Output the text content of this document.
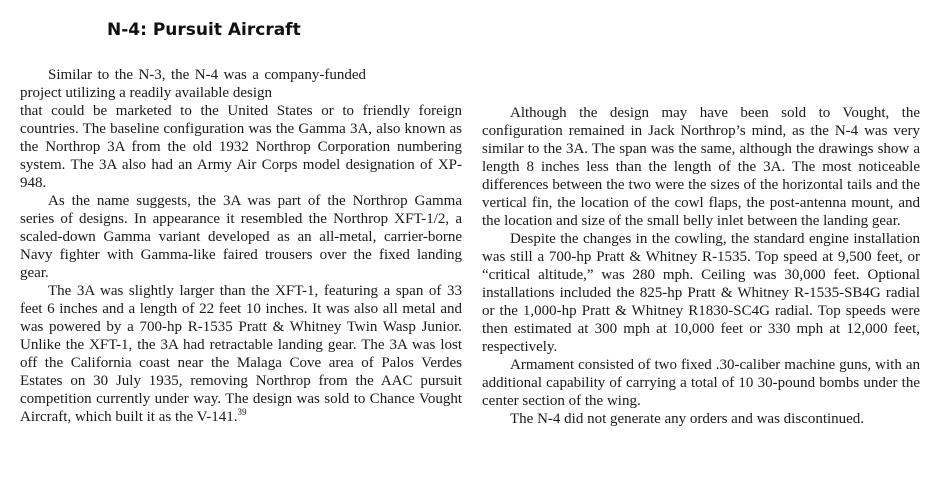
N-4: Pursuit Aircraft

Similar to the N-3, the N-4 was a company-funded project utilizing a readily available design

that could be marketed to the United States or to friendly foreign countries. The baseline configuration was the Gamma 3A, also known as the Northrop 3A from the old 1932 Northrop Corporation numbering system. The 3A also had an Army Air Corps model designation of XP-948.

As the name suggests, the 3A was part of the Northrop Gamma series of designs. In appearance it resembled the Northrop XFT-1/2, a scaled-down Gamma variant developed as an all-metal, carrier-borne Navy fighter with Gamma-like faired trousers over the fixed landing gear.

The 3A was slightly larger than the XFT-1, featuring a span of 33 feet 6 inches and a length of 22 feet 10 inches. It was also all metal and was powered by a 700-hp R-1535 Pratt & Whitney Twin Wasp Junior. Unlike the XFT-1, the 3A had retractable landing gear. The 3A was lost off the California coast near the Malaga Cove area of Palos Verdes Estates on 30 July 1935, removing Northrop from the AAC pursuit competition currently under way. The design was sold to Chance Vought Aircraft, which built it as the V-141.39

Although the design may have been sold to Vought, the configuration remained in Jack Northrop’s mind, as the N-4 was very similar to the 3A. The span was the same, although the drawings show a length 8 inches less than the length of the 3A. The most noticeable differences between the two were the sizes of the horizontal tails and the vertical fin, the location of the cowl flaps, the post-antenna mount, and the location and size of the small belly inlet between the landing gear.

Despite the changes in the cowling, the standard engine installation was still a 700-hp Pratt & Whitney R-1535. Top speed at 9,500 feet, or “critical altitude,” was 280 mph. Ceiling was 30,000 feet. Optional installations included the 825-hp Pratt & Whitney R-1535-SB4G radial or the 1,000-hp Pratt & Whitney R1830-SC4G radial. Top speeds were then estimated at 300 mph at 10,000 feet or 330 mph at 12,000 feet, respectively.

Armament consisted of two fixed .30-caliber machine guns, with an additional capability of carrying a total of 10 30-pound bombs under the center section of the wing.

The N-4 did not generate any orders and was discontinued.
